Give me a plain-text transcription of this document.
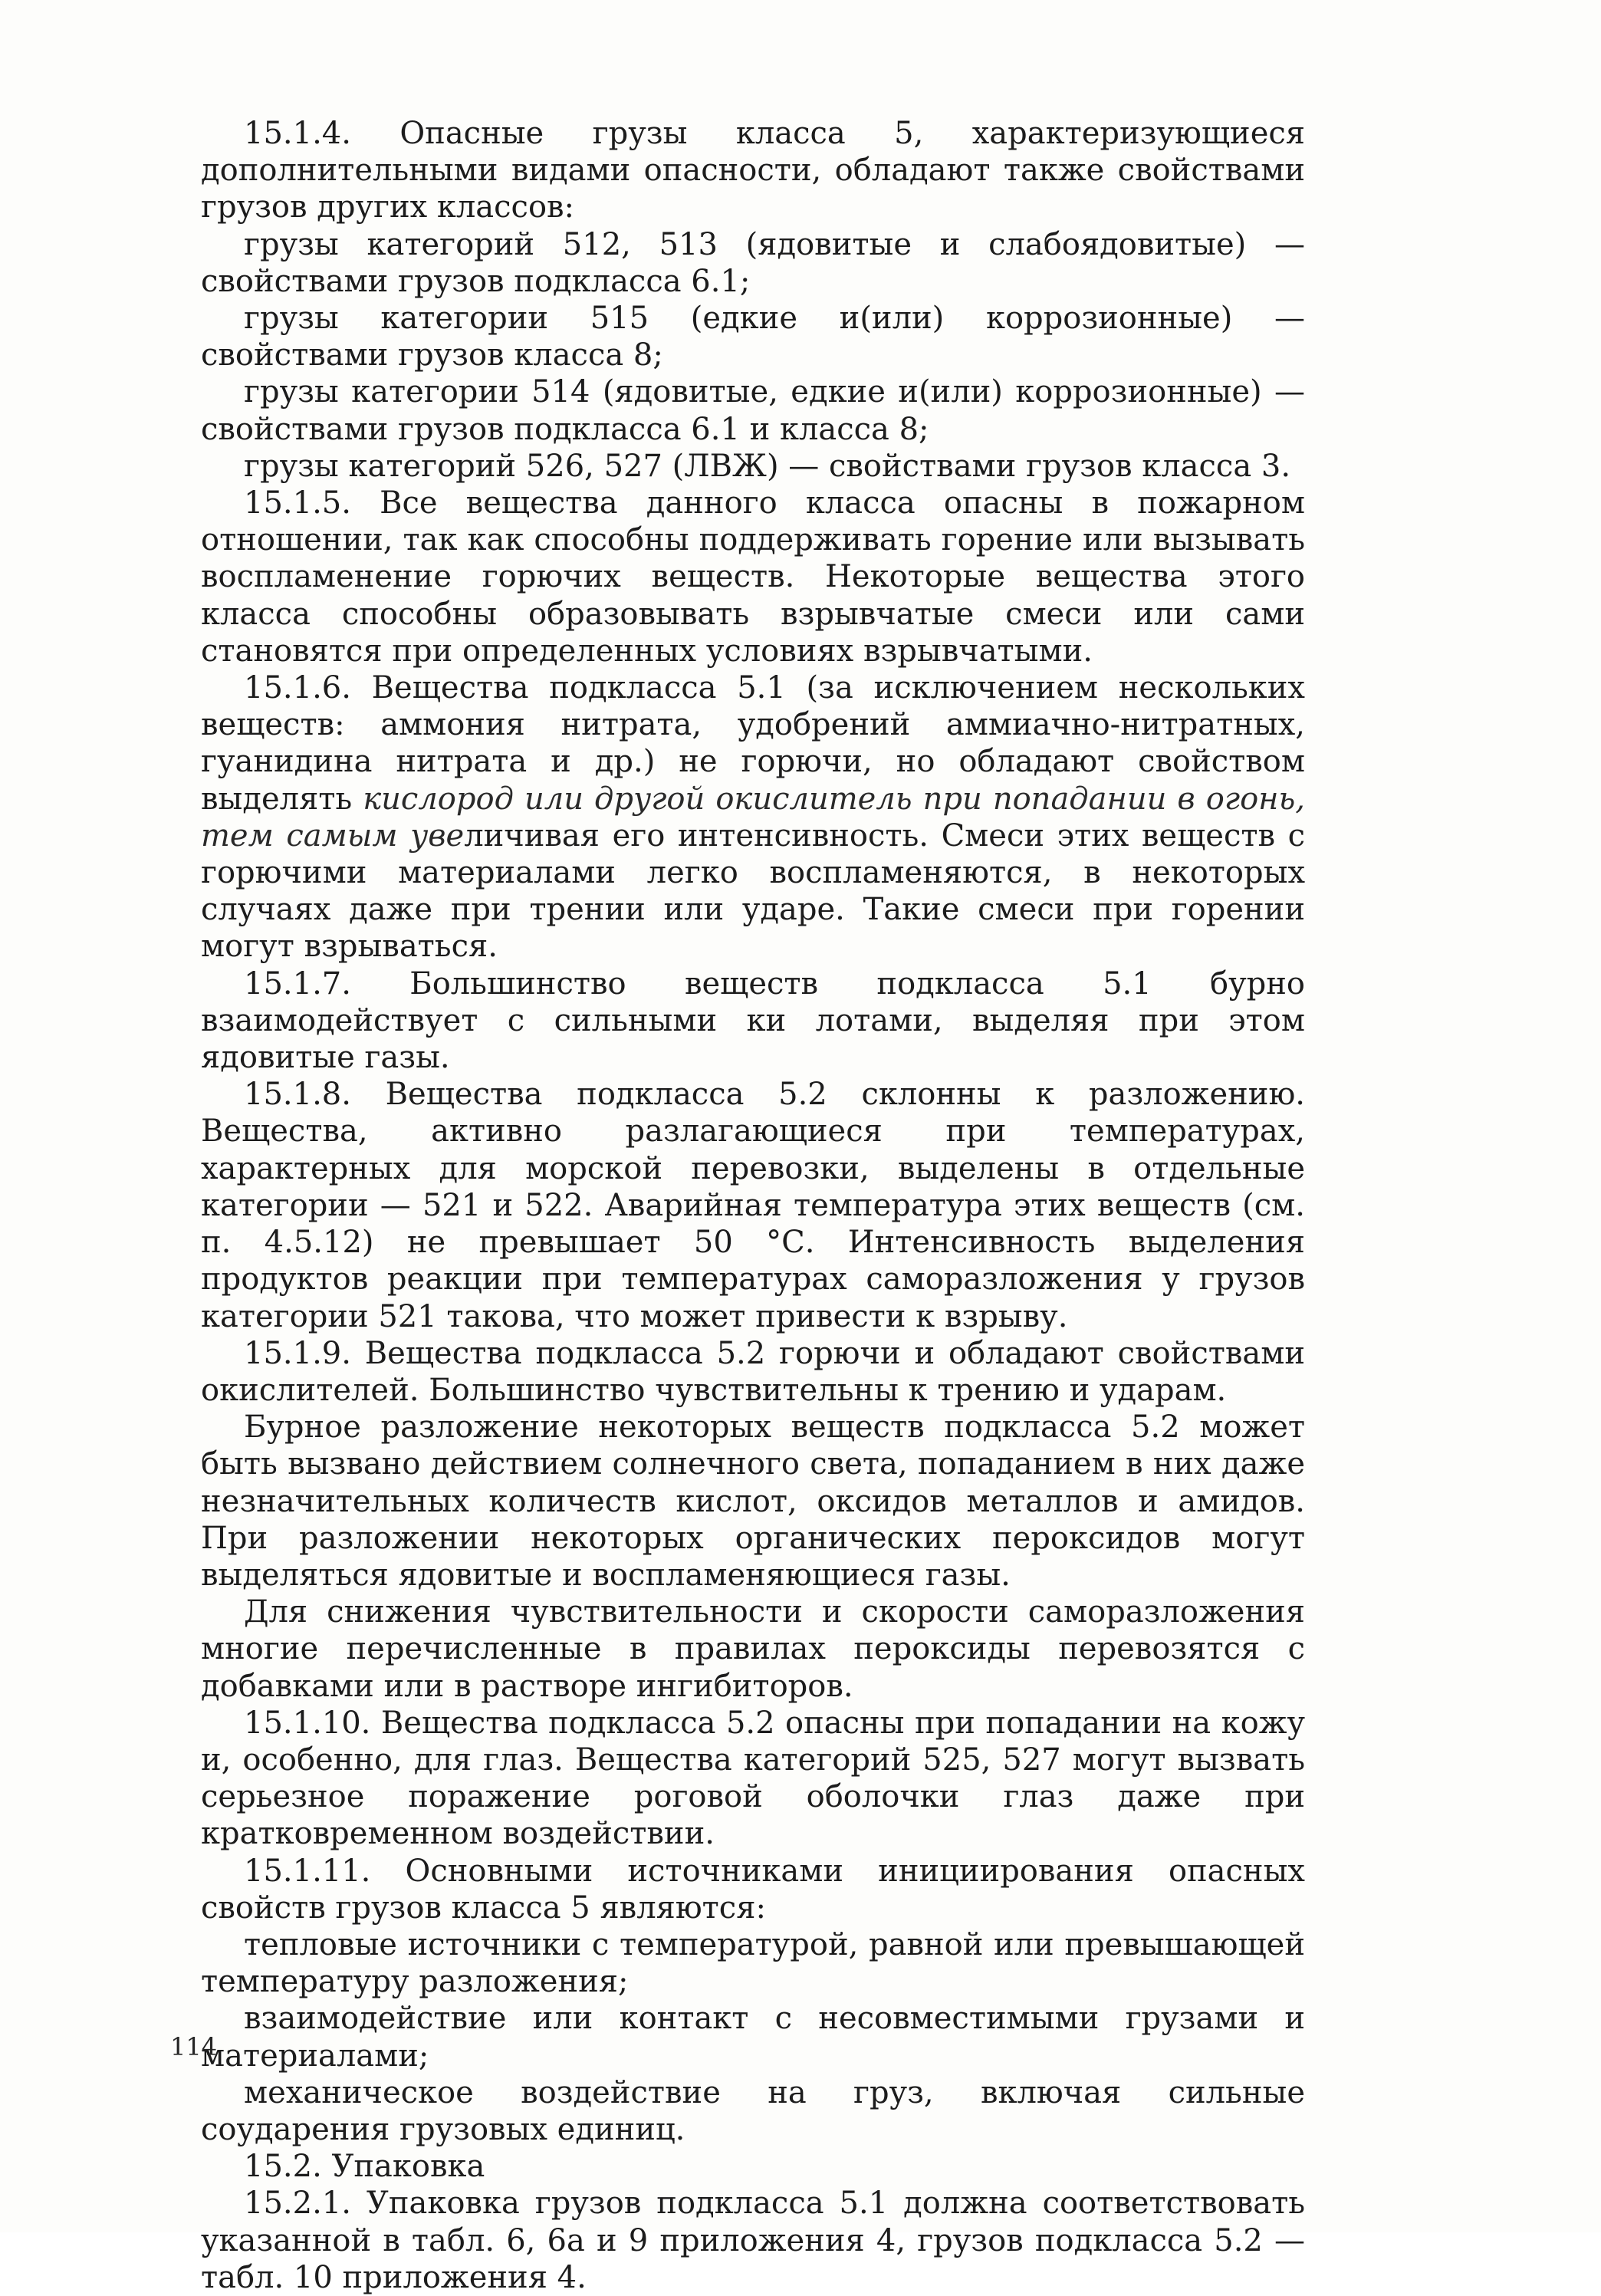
15.1.4. Опасные грузы класса 5, характеризующиеся дополнительными видами опасности, обладают также свойствами грузов других классов:

грузы категорий 512, 513 (ядовитые и слабоядовитые) — свойствами грузов подкласса 6.1;

грузы категории 515 (едкие и(или) коррозионные) — свойствами грузов класса 8;

грузы категории 514 (ядовитые, едкие и(или) коррозионные) — свойствами грузов подкласса 6.1 и класса 8;

грузы категорий 526, 527 (ЛВЖ) — свойствами грузов класса 3.

15.1.5. Все вещества данного класса опасны в пожарном отношении, так как способны поддерживать горение или вызывать воспламенение горючих веществ. Некоторые вещества этого класса способны образовывать взрывчатые смеси или сами становятся при определенных условиях взрывчатыми.

15.1.6. Вещества подкласса 5.1 (за исключением нескольких веществ: аммония нитрата, удобрений аммиачно-нитратных, гуанидина нитрата и др.) не горючи, но обладают свойством выделять кислород или другой окислитель при попадании в огонь, тем самым увеличивая его интенсивность. Смеси этих веществ с горючими материалами легко воспламеняются, в некоторых случаях даже при трении или ударе. Такие смеси при горении могут взрываться.

15.1.7. Большинство веществ подкласса 5.1 бурно взаимодействует с сильными ки лотами, выделяя при этом ядовитые газы.

15.1.8. Вещества подкласса 5.2 склонны к разложению. Вещества, активно разлагающиеся при температурах, характерных для морской перевозки, выделены в отдельные категории — 521 и 522. Аварийная температура этих веществ (см. п. 4.5.12) не превышает 50 °С. Интенсивность выделения продуктов реакции при температурах саморазложения у грузов категории 521 такова, что может привести к взрыву.

15.1.9. Вещества подкласса 5.2 горючи и обладают свойствами окислителей. Большинство чувствительны к трению и ударам.

Бурное разложение некоторых веществ подкласса 5.2 может быть вызвано действием солнечного света, попаданием в них даже незначительных количеств кислот, оксидов металлов и амидов. При разложении некоторых органических пероксидов могут выделяться ядовитые и воспламеняющиеся газы.

Для снижения чувствительности и скорости саморазложения многие перечисленные в правилах пероксиды перевозятся с добавками или в растворе ингибиторов.

15.1.10. Вещества подкласса 5.2 опасны при попадании на кожу и, особенно, для глаз. Вещества категорий 525, 527 могут вызвать серьезное поражение роговой оболочки глаз даже при кратковременном воздействии.

15.1.11. Основными источниками инициирования опасных свойств грузов класса 5 являются:

тепловые источники с температурой, равной или превышающей температуру разложения;

взаимодействие или контакт с несовместимыми грузами и материалами;

механическое воздействие на груз, включая сильные соударения грузовых единиц.

15.2. Упаковка

15.2.1. Упаковка грузов подкласса 5.1 должна соответствовать указанной в табл. 6, 6а и 9 приложения 4, грузов подкласса 5.2 — табл. 10 приложения 4.

114
